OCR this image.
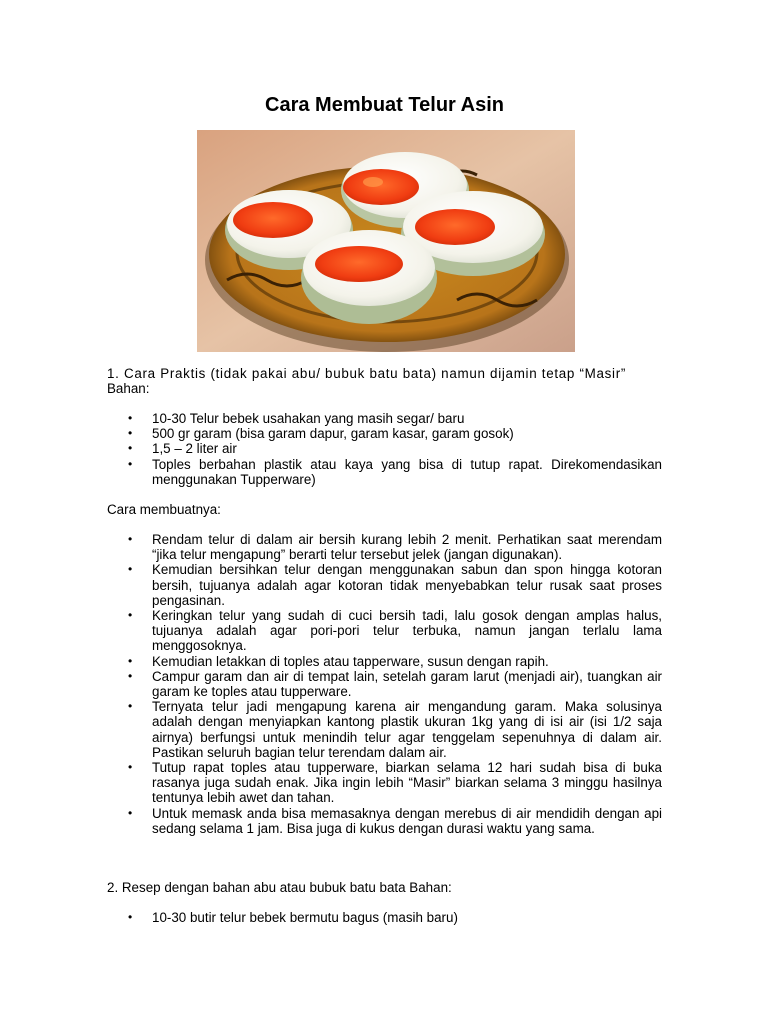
Cara Membuat Telur Asin

1. Cara Praktis (tidak pakai abu/ bubuk batu bata) namun dijamin tetap “Masir”

Bahan:

• 10-30 Telur bebek usahakan yang masih segar/ baru
• 500 gr garam (bisa garam dapur, garam kasar, garam gosok)
• 1,5 – 2 liter air
• Toples berbahan plastik atau kaya yang bisa di tutup rapat. Direkomendasikan menggunakan Tupperware)

Cara membuatnya:

• Rendam telur di dalam air bersih kurang lebih 2 menit. Perhatikan saat merendam “jika telur mengapung” berarti telur tersebut jelek (jangan digunakan).
• Kemudian bersihkan telur dengan menggunakan sabun dan spon hingga kotoran bersih, tujuanya adalah agar kotoran tidak menyebabkan telur rusak saat proses pengasinan.
• Keringkan telur yang sudah di cuci bersih tadi, lalu gosok dengan amplas halus, tujuanya adalah agar pori-pori telur terbuka, namun jangan terlalu lama menggosoknya.
• Kemudian letakkan di toples atau tapperware, susun dengan rapih.
• Campur garam dan air di tempat lain, setelah garam larut (menjadi air), tuangkan air garam ke toples atau tupperware.
• Ternyata telur jadi mengapung karena air mengandung garam. Maka solusinya adalah dengan menyiapkan kantong plastik ukuran 1kg yang di isi air (isi 1/2 saja airnya) berfungsi untuk menindih telur agar tenggelam sepenuhnya di dalam air. Pastikan seluruh bagian telur terendam dalam air.
• Tutup rapat toples atau tupperware, biarkan selama 12 hari sudah bisa di buka rasanya juga sudah enak. Jika ingin lebih “Masir” biarkan selama 3 minggu hasilnya tentunya lebih awet dan tahan.
• Untuk memask anda bisa memasaknya dengan merebus di air mendidih dengan api sedang selama 1 jam. Bisa juga di kukus dengan durasi waktu yang sama.

2. Resep dengan bahan abu atau bubuk batu bata Bahan:

• 10-30 butir telur bebek bermutu bagus (masih baru)
